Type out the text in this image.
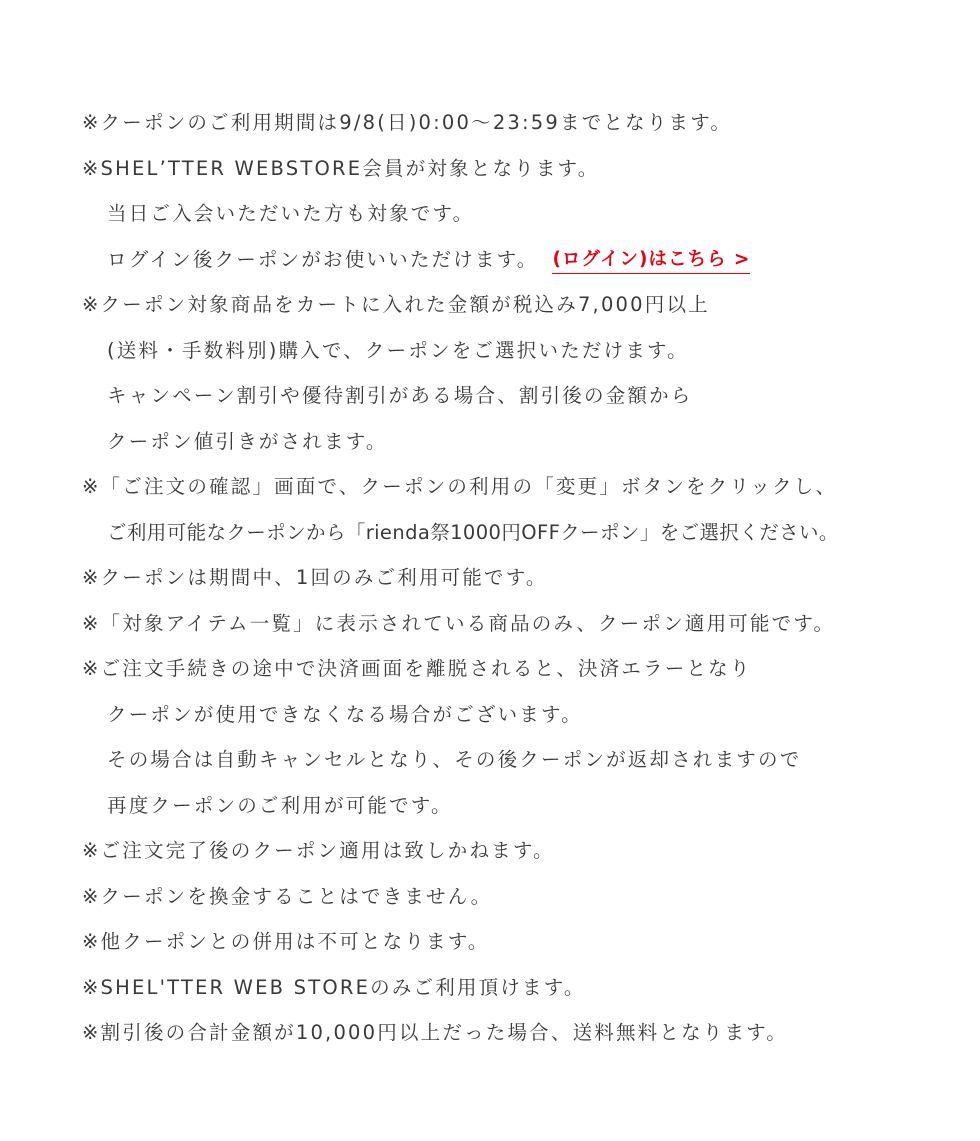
※クーポンのご利用期間は9/8(日)0:00～23:59までとなります。
※SHEL’TTER WEBSTORE会員が対象となります。
当日ご入会いただいた方も対象です。
ログイン後クーポンがお使いいただけます。 (ログイン)はこちら >
※クーポン対象商品をカートに入れた金額が税込み7,000円以上
(送料・手数料別)購入で、クーポンをご選択いただけます。
キャンペーン割引や優待割引がある場合、割引後の金額から
クーポン値引きがされます。
※「ご注文の確認」画面で、クーポンの利用の「変更」ボタンをクリックし、
ご利用可能なクーポンから「rienda祭1000円OFFクーポン」をご選択ください。
※クーポンは期間中、1回のみご利用可能です。
※「対象アイテム一覧」に表示されている商品のみ、クーポン適用可能です。
※ご注文手続きの途中で決済画面を離脱されると、決済エラーとなり
クーポンが使用できなくなる場合がございます。
その場合は自動キャンセルとなり、その後クーポンが返却されますので
再度クーポンのご利用が可能です。
※ご注文完了後のクーポン適用は致しかねます。
※クーポンを換金することはできません。
※他クーポンとの併用は不可となります。
※SHEL'TTER WEB STOREのみご利用頂けます。
※割引後の合計金額が10,000円以上だった場合、送料無料となります。
